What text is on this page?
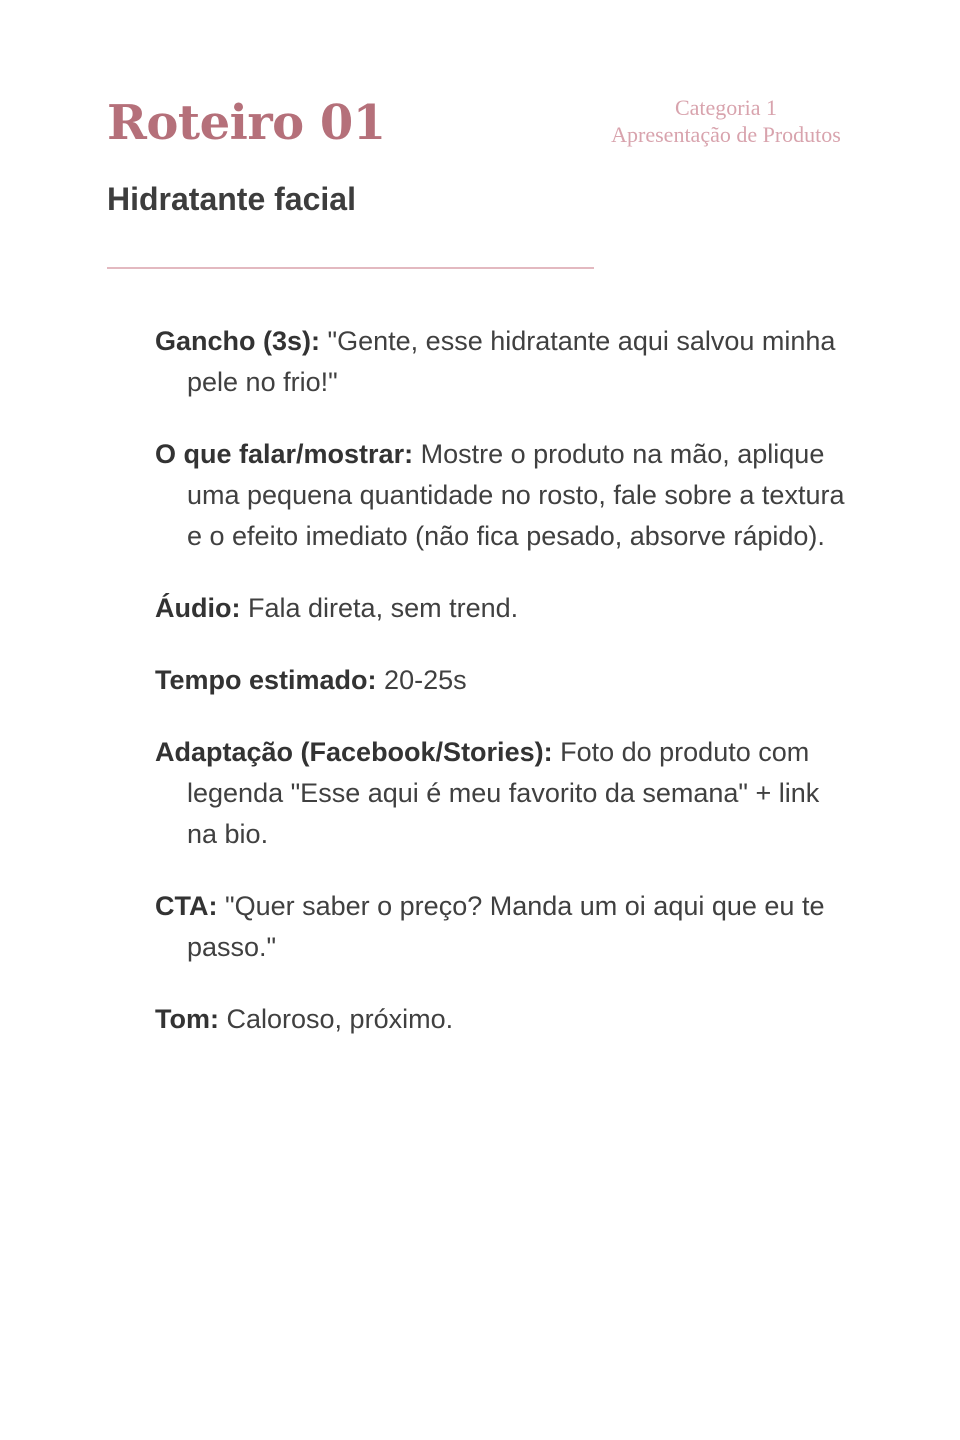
Roteiro 01	Categoria 1
Apresentação de Produtos
Hidratante facial

Gancho (3s): "Gente, esse hidratante aqui salvou minha pele no frio!"

O que falar/mostrar: Mostre o produto na mão, aplique uma pequena quantidade no rosto, fale sobre a textura e o efeito imediato (não fica pesado, absorve rápido).

Áudio: Fala direta, sem trend.

Tempo estimado: 20-25s

Adaptação (Facebook/Stories): Foto do produto com legenda "Esse aqui é meu favorito da semana" + link na bio.

CTA: "Quer saber o preço? Manda um oi aqui que eu te passo."

Tom: Caloroso, próximo.
